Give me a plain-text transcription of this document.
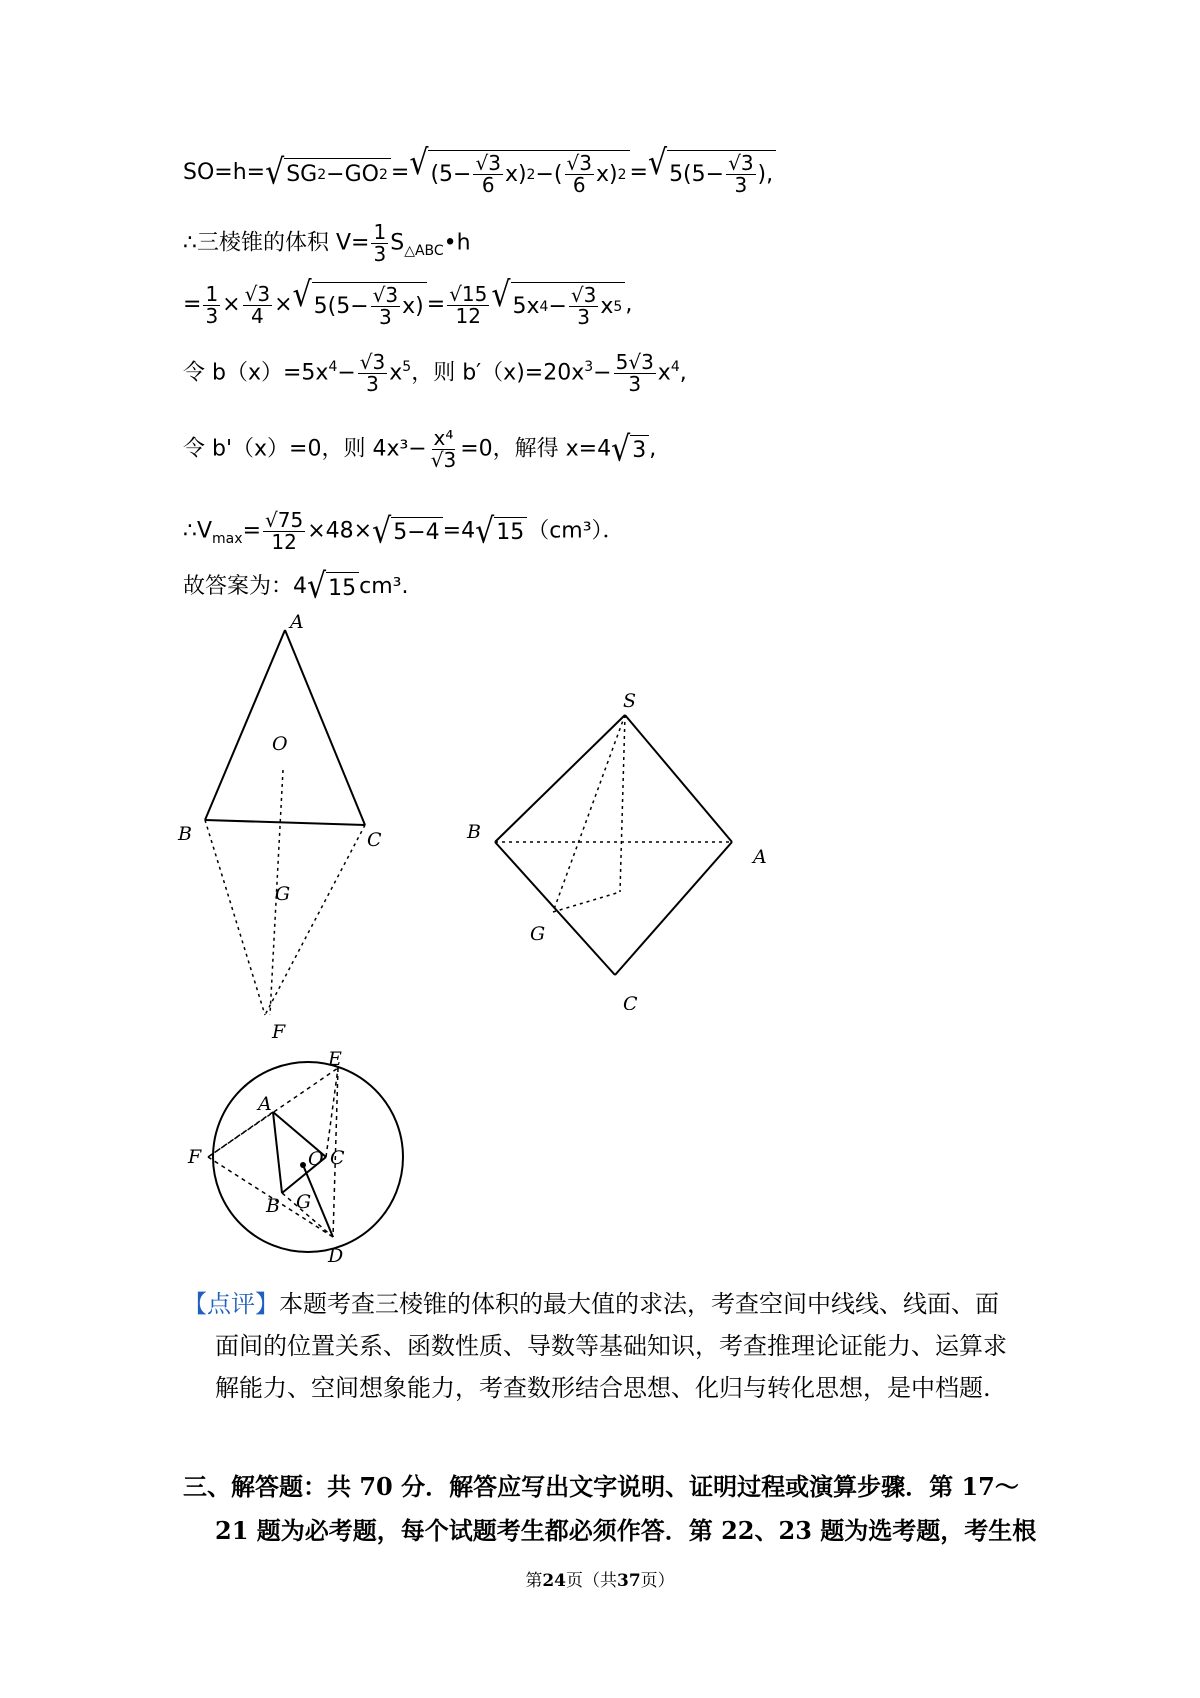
SO=h= √ SG 2 −GO 2 = √ $(5- \frac{√3}{6} x)$ 2 −( $\frac{√3}{6} x$) 2 = √ $5(5- \frac{√3}{3}$ ),
∴三棱锥的体积 $V= \frac{1}{3}$ $S_{\triangle ABC}•h$
= $\frac{1}{3} \times \frac{√3}{4}$ × √ $5(5- \frac{√3}{3} x) = \frac{√15}{12}$ √ 5x $4 - \frac{√3}{3}$ x 5 ,
令 $b(x)=5x^4- \frac{√3}{3} x^5$，则 $b'(x)=20x^3- \frac{5√3}{3} x^4$,
令 b'（x）=0，则 $4x^3- \frac{\text{x⁴}}{√3} =0$，解得 x=4 √ 3 ,
$\therefore V_{max}= \frac{√75}{12} \times 48\times$ √ 5−4 =4 √ 15 （cm³）．
故答案为：4 √ 15 cm³.
A
O
B	C
G
F
S
B
A
G
C
E
A
F	O C
B G
D
【点评】本题考查三棱锥的体积的最大值的求法，考查空间中线线、线面、面
面间的位置关系、函数性质、导数等基础知识，考查推理论证能力、运算求
解能力、空间想象能力，考查数形结合思想、化归与转化思想，是中档题.
三、解答题：共 70 分．解答应写出文字说明、证明过程或演算步骤．第 17～
21 题为必考题，每个试题考生都必须作答．第 22、23 题为选考题，考生根
第24页（共37页）
